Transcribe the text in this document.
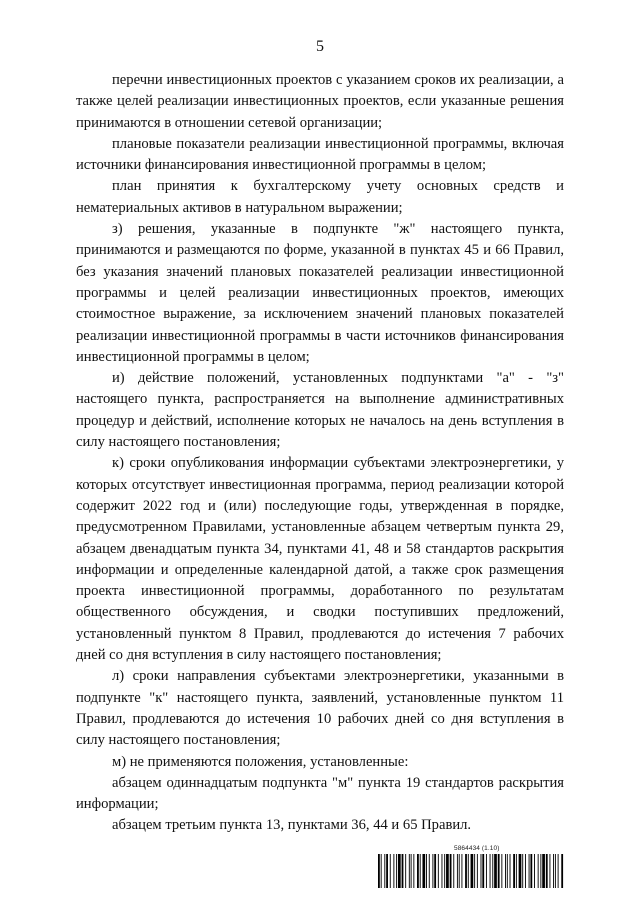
5

перечни инвестиционных проектов с указанием сроков их реализации, а также целей реализации инвестиционных проектов, если указанные решения принимаются в отношении сетевой организации;

плановые показатели реализации инвестиционной программы, включая источники финансирования инвестиционной программы в целом;

план принятия к бухгалтерскому учету основных средств и нематериальных активов в натуральном выражении;

з) решения, указанные в подпункте "ж" настоящего пункта, принимаются и размещаются по форме, указанной в пунктах 45 и 66 Правил, без указания значений плановых показателей реализации инвестиционной программы и целей реализации инвестиционных проектов, имеющих стоимостное выражение, за исключением значений плановых показателей реализации инвестиционной программы в части источников финансирования инвестиционной программы в целом;

и) действие положений, установленных подпунктами "а" - "з" настоящего пункта, распространяется на выполнение административных процедур и действий, исполнение которых не началось на день вступления в силу настоящего постановления;

к) сроки опубликования информации субъектами электроэнергетики, у которых отсутствует инвестиционная программа, период реализации которой содержит 2022 год и (или) последующие годы, утвержденная в порядке, предусмотренном Правилами, установленные абзацем четвертым пункта 29, абзацем двенадцатым пункта 34, пунктами 41, 48 и 58 стандартов раскрытия информации и определенные календарной датой, а также срок размещения проекта инвестиционной программы, доработанного по результатам общественного обсуждения, и сводки поступивших предложений, установленный пунктом 8 Правил, продлеваются до истечения 7 рабочих дней со дня вступления в силу настоящего постановления;

л) сроки направления субъектами электроэнергетики, указанными в подпункте "к" настоящего пункта, заявлений, установленные пунктом 11 Правил, продлеваются до истечения 10 рабочих дней со дня вступления в силу настоящего постановления;

м) не применяются положения, установленные:

абзацем одиннадцатым подпункта "м" пункта 19 стандартов раскрытия информации;

абзацем третьим пункта 13, пунктами 36, 44 и 65 Правил.

5864434 (1.10)
